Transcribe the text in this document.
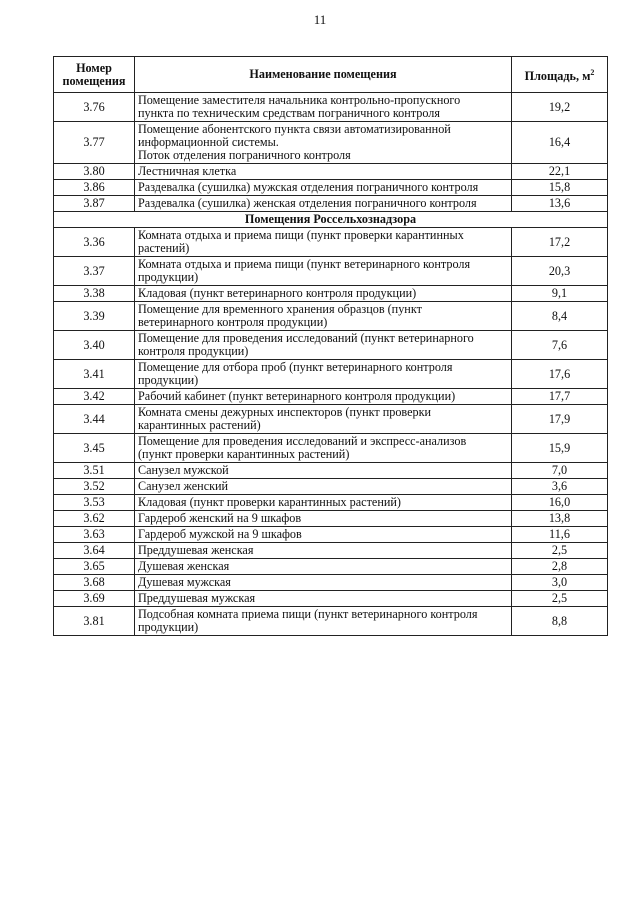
11
Номер помещения	Наименование помещения	Площадь, $м^2$
3.76	Помещение заместителя начальника контрольно-пропускного
пункта по техническим средствам пограничного контроля	19,2
3.77	Помещение абонентского пункта связи автоматизированной
информационной системы.
Поток отделения пограничного контроля	16,4
3.80	Лестничная клетка	22,1
3.86	Раздевалка (сушилка) мужская отделения пограничного контроля	15,8
3.87	Раздевалка (сушилка) женская отделения пограничного контроля	13,6
Помещения Россельхознадзора		
3.36	Комната отдыха и приема пищи (пункт проверки карантинных
растений)	17,2
3.37	Комната отдыха и приема пищи (пункт ветеринарного контроля
продукции)	20,3
3.38	Кладовая (пункт ветеринарного контроля продукции)	9,1
3.39	Помещение для временного хранения образцов (пункт
ветеринарного контроля продукции)	8,4
3.40	Помещение для проведения исследований (пункт ветеринарного
контроля продукции)	7,6
3.41	Помещение для отбора проб (пункт ветеринарного контроля
продукции)	17,6
3.42	Рабочий кабинет (пункт ветеринарного контроля продукции)	17,7
3.44	Комната смены дежурных инспекторов (пункт проверки
карантинных растений)	17,9
3.45	Помещение для проведения исследований и экспресс-анализов
(пункт проверки карантинных растений)	15,9
3.51	Санузел мужской	7,0
3.52	Санузел женский	3,6
3.53	Кладовая (пункт проверки карантинных растений)	16,0
3.62	Гардероб женский на 9 шкафов	13,8
3.63	Гардероб мужской на 9 шкафов	11,6
3.64	Преддушевая женская	2,5
3.65	Душевая женская	2,8
3.68	Душевая мужская	3,0
3.69	Преддушевая мужская	2,5
3.81	Подсобная комната приема пищи (пункт ветеринарного контроля
продукции)	8,8
